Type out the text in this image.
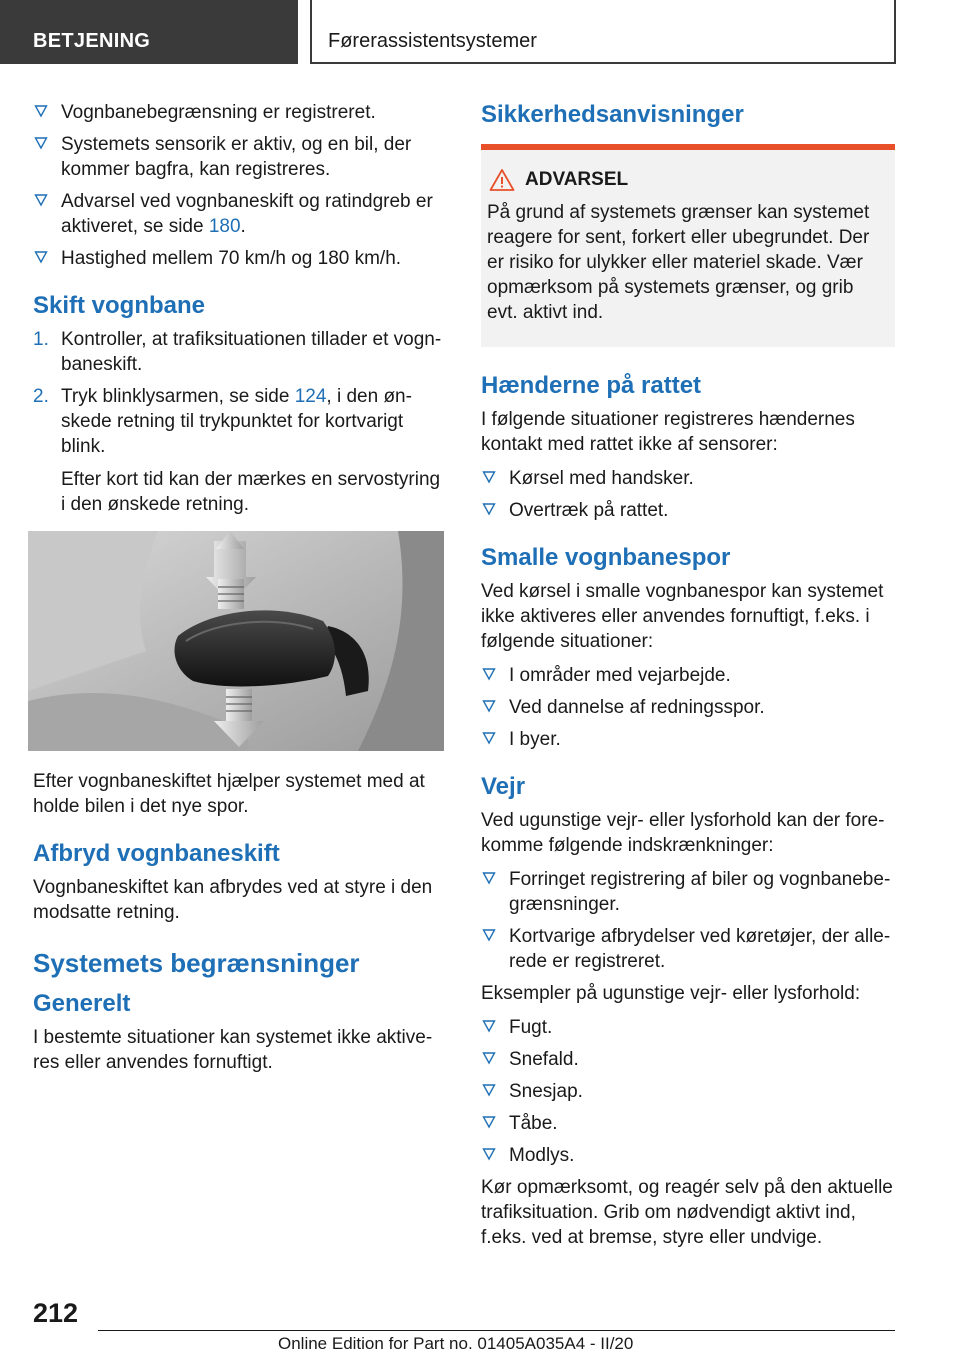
BETJENING	Førerassistentsystemer
Vognbanebegrænsning er registreret.
Systemets sensorik er aktiv, og en bil, der kommer bagfra, kan registreres.
Advarsel ved vognbaneskift og ratindgreb er aktiveret, se side 180.
Hastighed mellem 70 km/h og 180 km/h.
Skift vognbane
1. Kontroller, at trafiksituationen tillader et vognbaneskift.
2. Tryk blinklysarmen, se side 124, i den ønskede retning til trykpunktet for kortvarigt blink.
Efter kort tid kan der mærkes en servostyring i den ønskede retning.

Efter vognbaneskiftet hjælper systemet med at holde bilen i det nye spor.

Afbryd vognbaneskift

Vognbaneskiftet kan afbrydes ved at styre i den modsatte retning.

Systemets begrænsninger
Generelt

I bestemte situationer kan systemet ikke aktiveres eller anvendes fornuftigt.

Sikkerhedsanvisninger
ADVARSEL

På grund af systemets grænser kan systemet reagere for sent, forkert eller ubegrundet. Der er risiko for ulykker eller materiel skade. Vær opmærksom på systemets grænser, og grib evt. aktivt ind.

Hænderne på rattet

I følgende situationer registreres hændernes kontakt med rattet ikke af sensorer:

Kørsel med handsker.
Overtræk på rattet.
Smalle vognbanespor

Ved kørsel i smalle vognbanespor kan systemet ikke aktiveres eller anvendes fornuftigt, f.eks. i følgende situationer:

I områder med vejarbejde.
Ved dannelse af redningsspor.
I byer.
Vejr

Ved ugunstige vejr- eller lysforhold kan der forekomme følgende indskrænkninger:

Forringet registrering af biler og vognbanebegrænsninger.
Kortvarige afbrydelser ved køretøjer, der allerede er registreret.

Eksempler på ugunstige vejr- eller lysforhold:

Fugt.
Snefald.
Snesjap.
Tåbe.
Modlys.

Kør opmærksomt, og reagér selv på den aktuelle trafiksituation. Grib om nødvendigt aktivt ind, f.eks. ved at bremse, styre eller undvige.

212
Online Edition for Part no. 01405A035A4 - II/20
